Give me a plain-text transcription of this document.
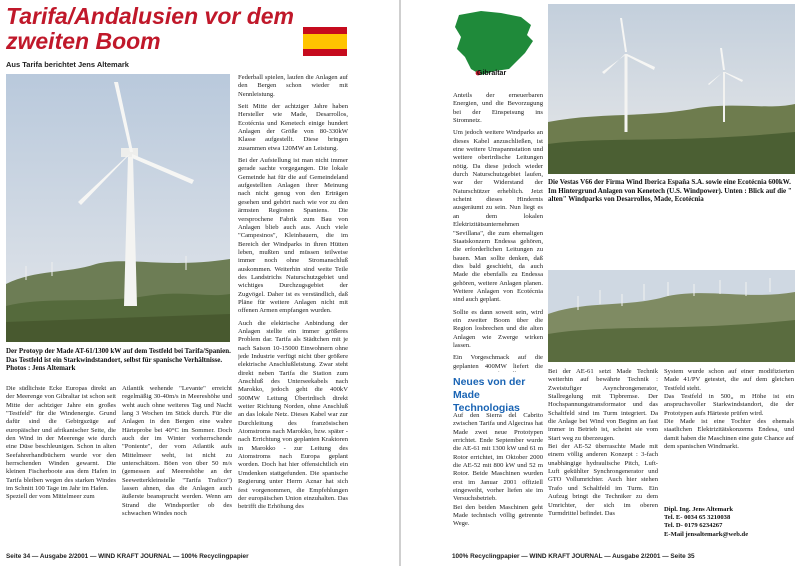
Tarifa/Andalusien vor dem zweiten Boom
Aus Tarifa berichtet Jens Altemark
Der Protoyp der Made AT-61/1300 kW auf dem Testfeld bei Tarifa/Spanien. Das Testfeld ist ein Starkwindstandort, selbst für spanische Verhältnisse. Photos : Jens Altemark

Die südlichste Ecke Europas direkt an der Meerenge von Gibraltar ist schon seit Mitte der achtziger Jahre ein großes "Testfeld" für die Windenergie. Grund dafür sind die Gebirgszüge auf europäischer und afrikanischer Seite, die den Wind in der Meerenge wie durch eine Düse beschleunigen. Schon in alten Seefahrerhandbüchern wurde vor den herrschenden Winden gewarnt. Die kleinen Fischerboote aus dem Hafen in Tarifa bleiben wegen des starken Windes im Schnitt 100 Tage im Jahr im Hafen.
Speziell der vom Mittelmeer zum

Atlantik wehende "Levante" erreicht regelmäßig 30-40m/s in Meereshöhe und weht auch ohne weiteres Tag und Nacht lang 3 Wochen im Stück durch. Für die Anlagen in den Bergen eine wahre Härteprobe bei 40°C im Sommer. Doch auch der im Winter vorherrschende "Poniente", der vom Atlantik aufs Mittelmeer weht, ist nicht zu unterschätzen. Böen von über 50 m/s (gemessen auf Meereshöhe an der Seewetterkleinstelle "Tarifa Trafico") lassen ahnen, das die Anlagen auch äußerste beansprucht werden. Wenn am Strand die Windsportler ob des schwachen Windes noch

Federball spielen, laufen die Anlagen auf den Bergen schon wieder mit Nennleistung.

Seit Mitte der achtziger Jahre haben Hersteller wie Made, Desarrollos, Ecotécnia und Kenetech einige hundert Anlagen der Größe von 80-330kW Klasse aufgestellt. Diese bringen zusammen etwa 120MW an Leistung.

Bei der Aufstellung ist man nicht immer gerade sachte vorgegangen. Die lokale Gemeinde hat für die auf Gemeindeland aufgestellten Anlagen ihrer Meinung nach nicht genug von den Erträgen gesehen und gehört nach wie vor zu den ärmsten Regionen Spaniens. Die versprochene Fabrik zum Bau von Anlagen blieb auch aus. Auch viele "Campesinos", Kleinbauern, die im Bereich der Windparks in ihren Hütten leben, mußten und müssen teilweise immer noch ohne Stromanschluß auskommen. Weiterhin sind weite Teile des Landstrichs Naturschutzgebiet und wichtiges Durchzugsgebiet der Zugvögel. Daher ist es verständlich, daß Pläne für weitere Anlagen nicht mit offenen Armen empfangen wurden.

Auch die elektrische Anbindung der Anlagen stellte ein immer größeres Problem dar. Tarifa als Städtchen mit je nach Saison 10-15000 Einwohnern ohne jede Industrie verfügt nicht über größere elektrische Anschlußleistung. Zwar steht direkt neben Tarifa die Station zum Anschluß des Unterseekabels nach Marokko, jedoch geht die 400kV 500MW Leitung Überirdisch direkt weiter Richtung Norden, ohne Anschluß an das lokale Netz. Dieses Kabel war zur Durchleitung des französischen Atomstroms nach Marokko, bzw. später - nach Errichtung von geplanten Kraktoren in Marokko - zur Leitung des Atomstroms nach Europa geplant worden. Doch hat hier offensichtlich ein Umdenken stattgefunden. Die spanische Regierung unter Herrn Aznar hat sich fest vorgenommen, die Empfehlungen der europäischen Union einzuhalten. Das betrifft die Erhöhung des

Seite 34 — Ausgabe 2/2001 — WIND KRAFT JOURNAL — 100% Recyclingpapier
Gibraltar
Die Vestas V66 der Firma Wind Iberica España S.A. sowie eine Ecotécnia 600kW. Im Hintergrund Anlagen von Kenetech (U.S. Windpower). Unten : Blick auf die " alten" Windparks von Desarrollos, Made, Ecotécnia

Anteils der erneuerbaren Energien, und die Bevorzugung bei der Einspeisung ins Stromnetz.

Um jedoch weitere Windparks an dieses Kabel anzuschließen, ist eine weitere Umspannstation und weitere oberirdische Leitungen nötig. Da diese jedoch wieder durch Naturschutzgebiet laufen, war der Widerstand der Naturschützer erheblich. Jetzt scheint dieses Hindernis ausgeräumt zu sein. Nun liegt es an dem lokalen Elektrizitätsunternehmen "Sevillana", die zum ehemaligen Staatskonzern Endessa gehören, die erforderlichen Leitungen zu bauen. Man sollte denken, daß dies bald geschieht, da auch Made die ebenfalls zu Endessa gehören, weitere Anlagen planen. Weitere Anlagen von Ecotécnia sind auch geplant.

Sollte es dann soweit sein, wird ein zweiter Boom über die Region losbrechen und die alten Anlagen wie Zwerge wirken lassen.

Ein Vorgeschmack auf die geplanten 400MW liefert die

Neues von der Made Technologias

Auf den Sierra del Cabrito zwischen Tarifa und Algeciras hat Made zwei neue Prototypen errichtet. Ende September wurde die AE-61 mit 1300 kW und 61 m Rotor errichtet, im Oktober 2000 die AE-52 mit 800 kW und 52 m Rotor. Beide Maschinen wurden erst im Januar 2001 offiziell eingeweiht, vorher liefen sie im Versuchsbetrieb.
Bei den beiden Maschinen geht Made technisch völlig getrennte Wege.

Bei der AE-61 setzt Made Technik weiterhin auf bewährte Technik : Zweistufiger Asynchrongenerator, Stallregelung mit Tipbremse. Der Hochspannungstransformator und das Schaltfeld sind im Turm integriert. Da die Anlage bei Wind von Beginn an fast immer in Betrieb ist, scheint sie vom Start weg zu überzeugen.
Bei der AE-52 überraschte Made mit einem völlig anderen Konzept : 3-fach unabhängige hydraulische Pitch, Luft-Luft gekühlter Synchrongenerator und GTO Vollumrichter. Auch hier stehen Trafo und Schaltfeld im Turm. Ein Aufzug bringt die Techniker zu dem Umrichter, der sich im oberen Turmdrittel befindet. Das

System wurde schon auf einer modifizierten Made 41/PV getestet, die auf dem gleichen Testfeld steht.
Das Testfeld in 500„ m Höhe ist ein anspruchsvoller Starkwindstandort, die der Prototypen aufs Härteste prüfen wird.
Die Made ist eine Tochter des ehemals staatlichen Elektrizitätskonzerns Endesa, und damit haben die Maschinen eine gute Chance auf dem spanischen Windmarkt.

Dipl. Ing. Jens Altemark
Tel. E- 0034 65 3210038
Tel. D- 0179 6234267
E-Mail jensaltemark@web.de
100% Recyclingpapier — WIND KRAFT JOURNAL — Ausgabe 2/2001 — Seite 35
